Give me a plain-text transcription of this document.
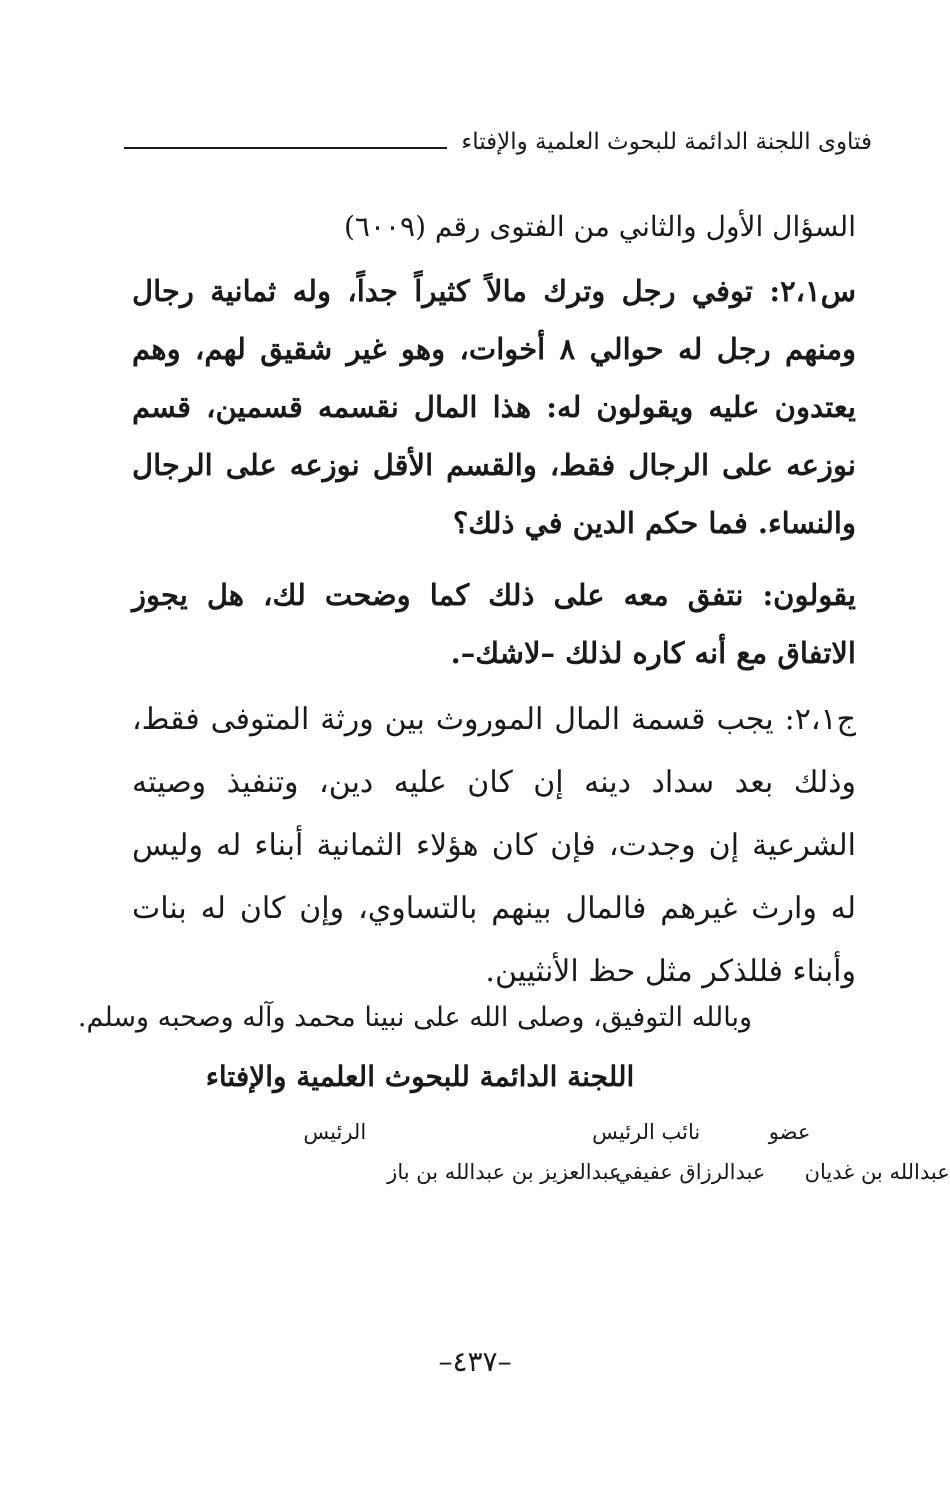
فتاوى اللجنة الدائمة للبحوث العلمية والإفتاء

السؤال الأول والثاني من الفتوى رقم (٦٠٠٩)

س٢،١: توفي رجل وترك مالاً كثيراً جداً، وله ثمانية رجال ومنهم رجل له حوالي ٨ أخوات، وهو غير شقيق لهم، وهم يعتدون عليه ويقولون له: هذا المال نقسمه قسمين، قسم نوزعه على الرجال فقط، والقسم الأقل نوزعه على الرجال والنساء. فما حكم الدين في ذلك؟

يقولون: نتفق معه على ذلك كما وضحت لك، هل يجوز الاتفاق مع أنه كاره لذلك –لاشك–.

ج٢،١: يجب قسمة المال الموروث بين ورثة المتوفى فقط، وذلك بعد سداد دينه إن كان عليه دين، وتنفيذ وصيته الشرعية إن وجدت، فإن كان هؤلاء الثمانية أبناء له وليس له وارث غيرهم فالمال بينهم بالتساوي، وإن كان له بنات وأبناء فللذكر مثل حظ الأنثيين.

وبالله التوفيق، وصلى الله على نبينا محمد وآله وصحبه وسلم.
اللجنة الدائمة للبحوث العلمية والإفتاء
عضو
عبدالله بن غديان
نائب الرئيس
عبدالرزاق عفيفي
الرئيس
عبدالعزيز بن عبدالله بن باز
–٤٣٧–
